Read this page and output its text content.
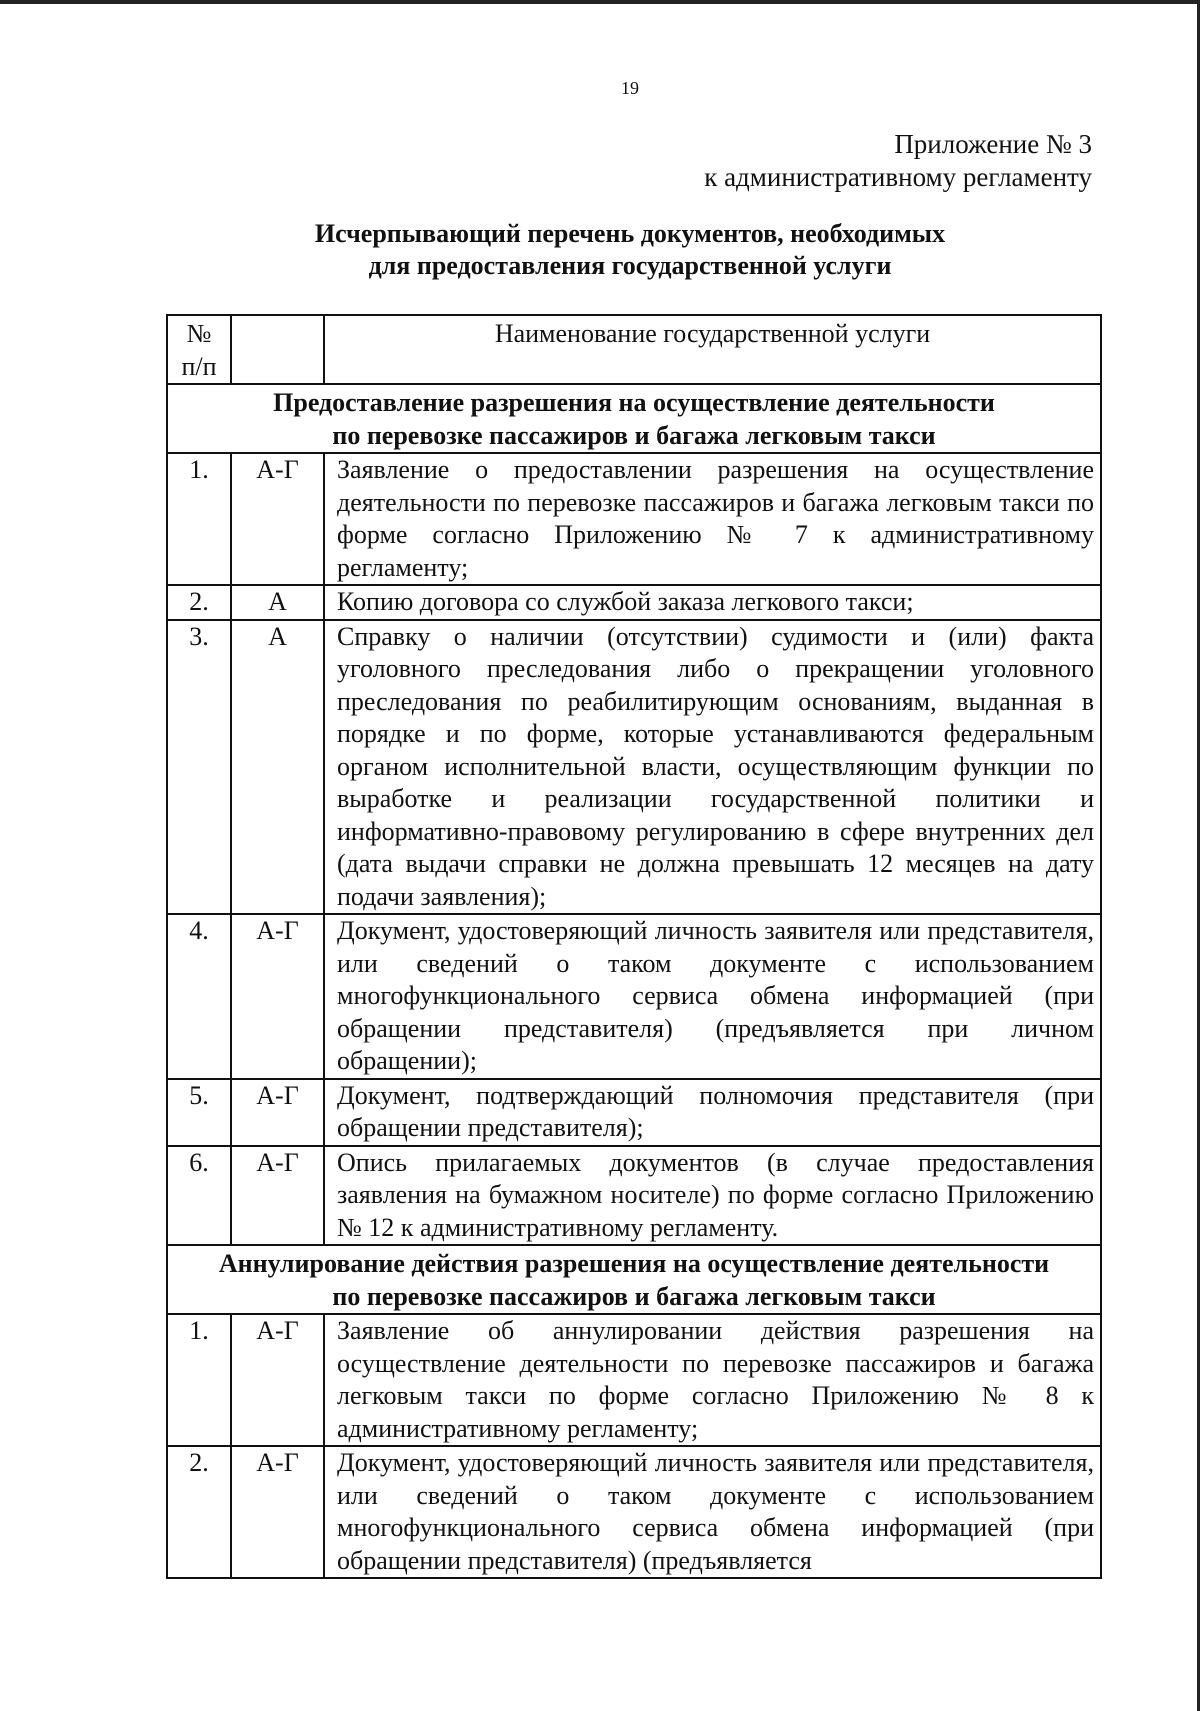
19
Приложение № 3
к административному регламенту
Исчерпывающий перечень документов, необходимых
для предоставления государственной услуги
№
п/п		Наименование государственной услуги

Предоставление разрешения на осуществление деятельности
по перевозке пассажиров и багажа легковым такси		

1.	А-Г	Заявление о предоставлении разрешения на осуществление деятельности по перевозке пассажиров и багажа легковым такси по форме согласно Приложению № 7 к административному регламенту;
2.	А	Копию договора со службой заказа легкового такси;
3.	А	Справку о наличии (отсутствии) судимости и (или) факта уголовного преследования либо о прекращении уголовного преследования по реабилитирующим основаниям, выданная в порядке и по форме, которые устанавливаются федеральным органом исполнительной власти, осуществляющим функции по выработке и реализации государственной политики и информативно-правовому регулированию в сфере внутренних дел (дата выдачи справки не должна превышать 12 месяцев на дату подачи заявления);
4.	А-Г	Документ, удостоверяющий личность заявителя или представителя, или сведений о таком документе с использованием многофункционального сервиса обмена информацией (при обращении представителя) (предъявляется при личном обращении);
5.	А-Г	Документ, подтверждающий полномочия представителя (при обращении представителя);
6.	А-Г	Опись прилагаемых документов (в случае предоставления заявления на бумажном носителе) по форме согласно Приложению № 12 к административному регламенту.

Аннулирование действия разрешения на осуществление деятельности
по перевозке пассажиров и багажа легковым такси		

1.	А-Г	Заявление об аннулировании действия разрешения на осуществление деятельности по перевозке пассажиров и багажа легковым такси по форме согласно Приложению № 8 к административному регламенту;
2.	А-Г	Документ, удостоверяющий личность заявителя или представителя, или сведений о таком документе с использованием многофункционального сервиса обмена информацией (при обращении представителя) (предъявляется
